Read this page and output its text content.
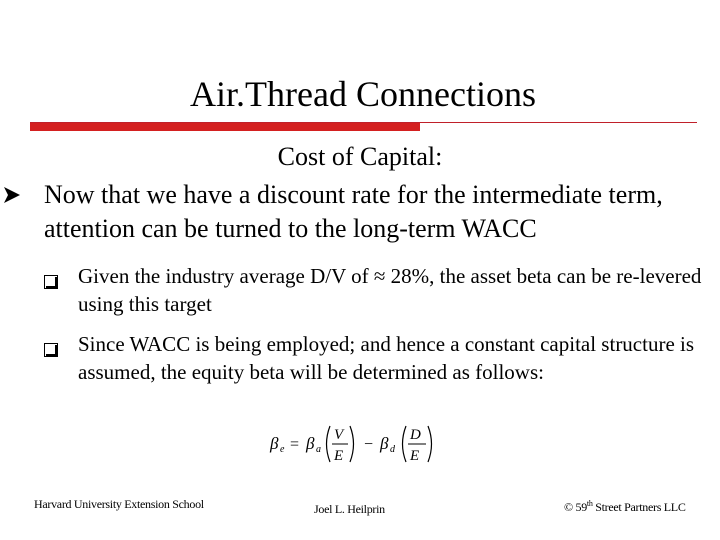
Air.Thread Connections
Cost of Capital:
Now that we have a discount rate for the intermediate term, attention can be turned to the long-term WACC
Given the industry average D/V of ≈ 28%, the asset beta can be re-levered using this target
Since WACC is being employed; and hence a constant capital structure is assumed, the equity beta will be determined as follows:
β e = β a
V
E
− β d
D
E
Harvard University Extension School	Joel L. Heilprin	© 59th Street Partners LLC
